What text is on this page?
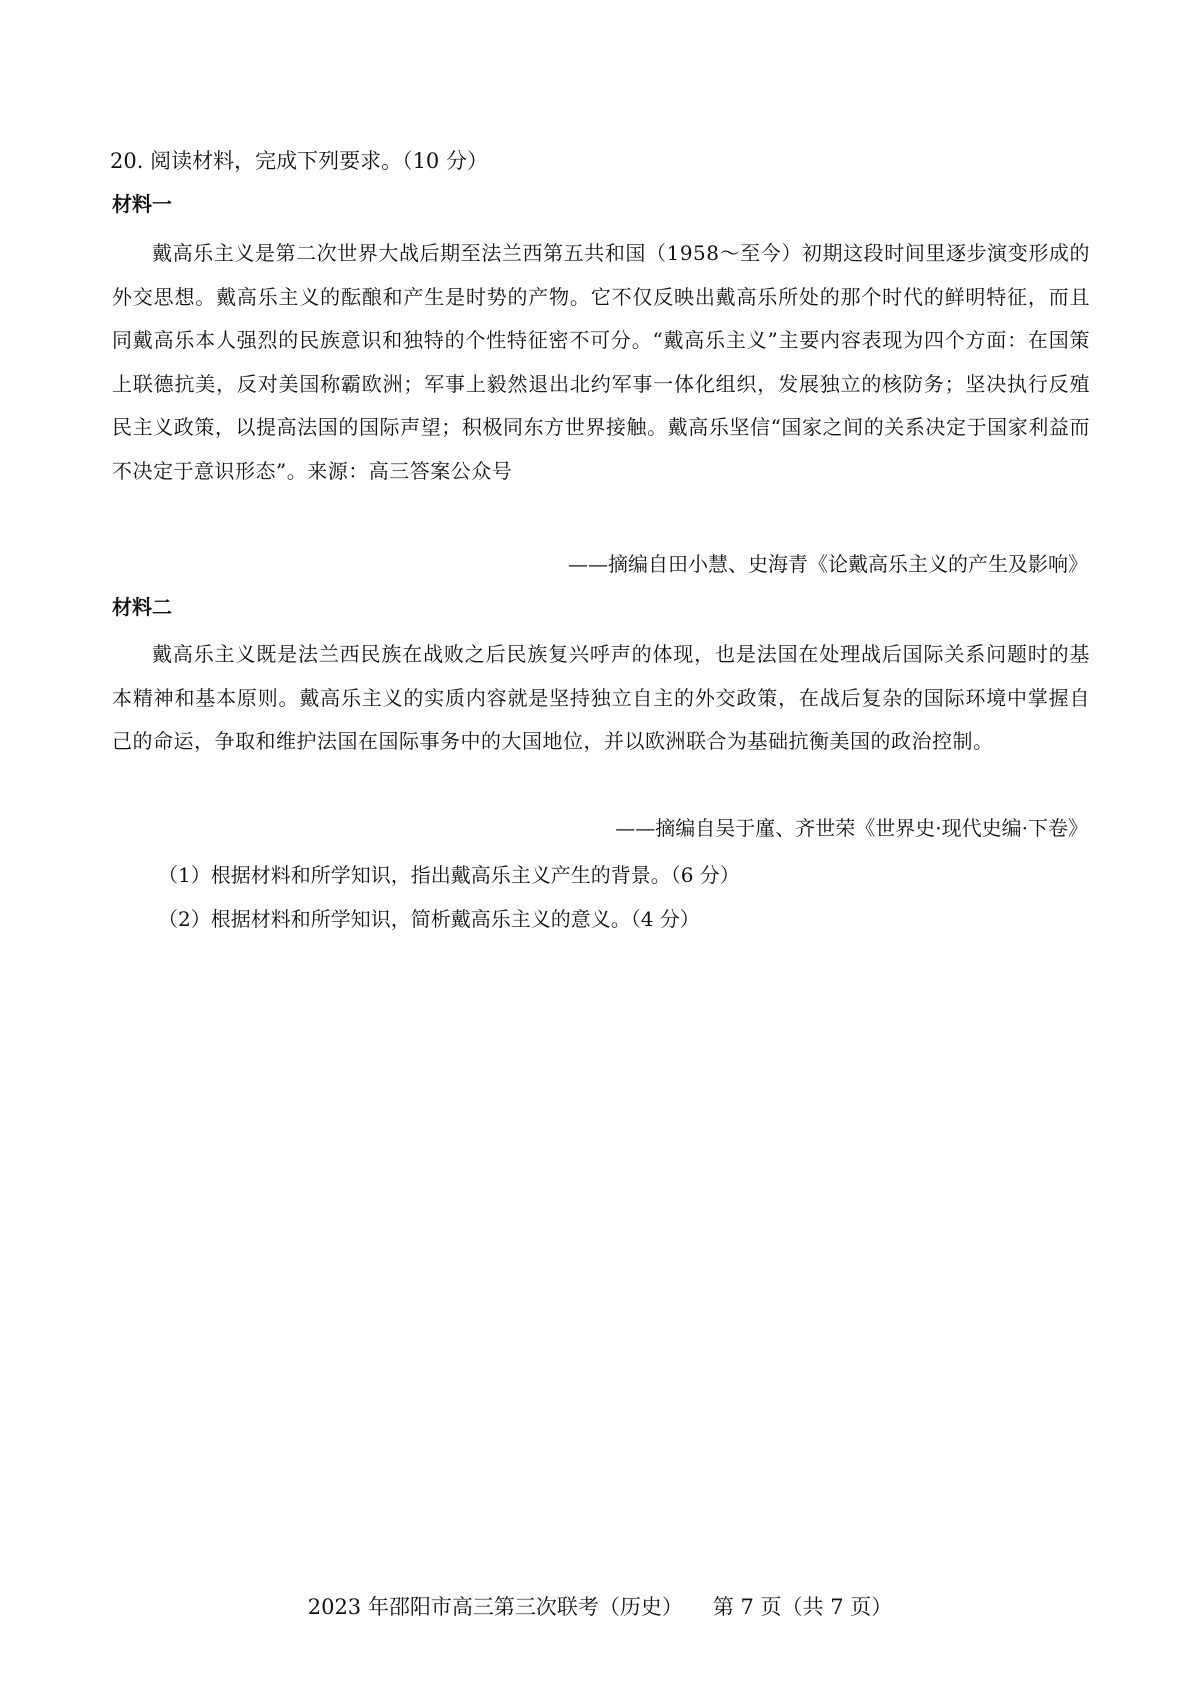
20. 阅读材料，完成下列要求。（10 分）
材料一
戴高乐主义是第二次世界大战后期至法兰西第五共和国（1958～至今）初期这段时间里逐步演变形成的外交思想。戴高乐主义的酝酿和产生是时势的产物。它不仅反映出戴高乐所处的那个时代的鲜明特征，而且同戴高乐本人强烈的民族意识和独特的个性特征密不可分。“戴高乐主义”主要内容表现为四个方面：在国策上联德抗美，反对美国称霸欧洲；军事上毅然退出北约军事一体化组织，发展独立的核防务；坚决执行反殖民主义政策，以提高法国的国际声望；积极同东方世界接触。戴高乐坚信“国家之间的关系决定于国家利益而不决定于意识形态”。来源：高三答案公众号
——摘编自田小慧、史海青《论戴高乐主义的产生及影响》
材料二
戴高乐主义既是法兰西民族在战败之后民族复兴呼声的体现，也是法国在处理战后国际关系问题时的基本精神和基本原则。戴高乐主义的实质内容就是坚持独立自主的外交政策，在战后复杂的国际环境中掌握自己的命运，争取和维护法国在国际事务中的大国地位，并以欧洲联合为基础抗衡美国的政治控制。
——摘编自吴于廑、齐世荣《世界史·现代史编·下卷》
（1）根据材料和所学知识，指出戴高乐主义产生的背景。（6 分）
（2）根据材料和所学知识，简析戴高乐主义的意义。（4 分）
2023 年邵阳市高三第三次联考（历史） 第 7 页（共 7 页）
